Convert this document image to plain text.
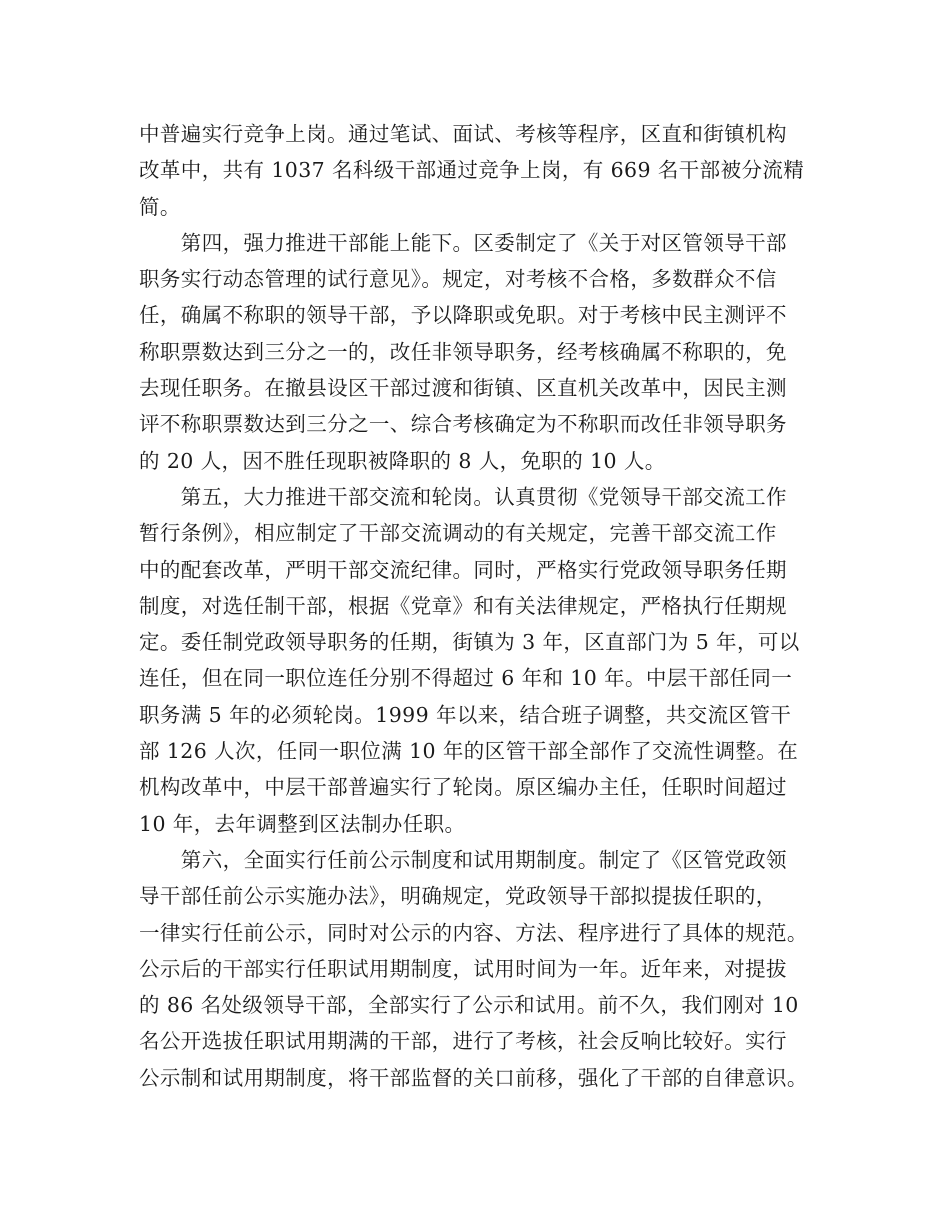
中普遍实行竞争上岗。通过笔试、面试、考核等程序，区直和街镇机构
改革中，共有 1037 名科级干部通过竞争上岗，有 669 名干部被分流精
简。
　　第四，强力推进干部能上能下。区委制定了《关于对区管领导干部
职务实行动态管理的试行意见》。规定，对考核不合格，多数群众不信
任，确属不称职的领导干部，予以降职或免职。对于考核中民主测评不
称职票数达到三分之一的，改任非领导职务，经考核确属不称职的，免
去现任职务。在撤县设区干部过渡和街镇、区直机关改革中，因民主测
评不称职票数达到三分之一、综合考核确定为不称职而改任非领导职务
的 20 人，因不胜任现职被降职的 8 人，免职的 10 人。
　　第五，大力推进干部交流和轮岗。认真贯彻《党领导干部交流工作
暂行条例》，相应制定了干部交流调动的有关规定，完善干部交流工作
中的配套改革，严明干部交流纪律。同时，严格实行党政领导职务任期
制度，对选任制干部，根据《党章》和有关法律规定，严格执行任期规
定。委任制党政领导职务的任期，街镇为 3 年，区直部门为 5 年，可以
连任，但在同一职位连任分别不得超过 6 年和 10 年。中层干部任同一
职务满 5 年的必须轮岗。1999 年以来，结合班子调整，共交流区管干
部 126 人次，任同一职位满 10 年的区管干部全部作了交流性调整。在
机构改革中，中层干部普遍实行了轮岗。原区编办主任，任职时间超过
10 年，去年调整到区法制办任职。
　　第六，全面实行任前公示制度和试用期制度。制定了《区管党政领
导干部任前公示实施办法》，明确规定，党政领导干部拟提拔任职的，
一律实行任前公示，同时对公示的内容、方法、程序进行了具体的规范。
公示后的干部实行任职试用期制度，试用时间为一年。近年来，对提拔
的 86 名处级领导干部，全部实行了公示和试用。前不久，我们刚对 10
名公开选拔任职试用期满的干部，进行了考核，社会反响比较好。实行
公示制和试用期制度，将干部监督的关口前移，强化了干部的自律意识。
